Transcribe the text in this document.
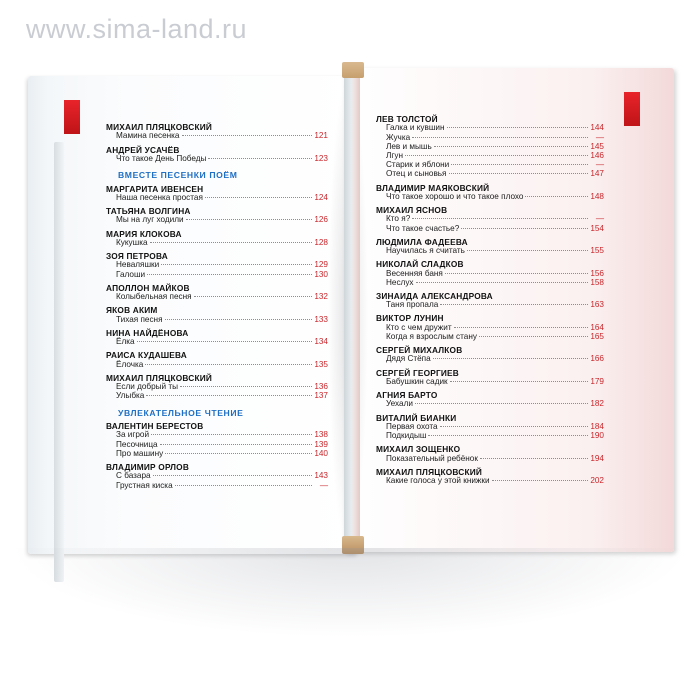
www.sima-land.ru
МИХАИЛ ПЛЯЦКОВСКИЙ
Мамина песенка	121
АНДРЕЙ УСАЧЁВ
Что такое День Победы	123
ВМЕСТЕ ПЕСЕНКИ ПОЁМ
МАРГАРИТА ИВЕНСЕН
Наша песенка простая	124
ТАТЬЯНА ВОЛГИНА
Мы на луг ходили	126
МАРИЯ КЛОКОВА
Кукушка	128
ЗОЯ ПЕТРОВА
Неваляшки	129
Галоши	130
АПОЛЛОН МАЙКОВ
Колыбельная песня	132
ЯКОВ АКИМ
Тихая песня	133
НИНА НАЙДЁНОВА
Ёлка	134
РАИСА КУДАШЕВА
Ёлочка	135
МИХАИЛ ПЛЯЦКОВСКИЙ
Если добрый ты	136
Улыбка	137
УВЛЕКАТЕЛЬНОЕ ЧТЕНИЕ
ВАЛЕНТИН БЕРЕСТОВ
За игрой	138
Песочница	139
Про машину	140
ВЛАДИМИР ОРЛОВ
С базара	143
Грустная киска	—
ЛЕВ ТОЛСТОЙ
Галка и кувшин	144
Жучка	—
Лев и мышь	145
Лгун	146
Старик и яблони	—
Отец и сыновья	147
ВЛАДИМИР МАЯКОВСКИЙ
Что такое хорошо и что такое плохо	148
МИХАИЛ ЯСНОВ
Кто я?	—
Что такое счастье?	154
ЛЮДМИЛА ФАДЕЕВА
Научилась я считать	155
НИКОЛАЙ СЛАДКОВ
Весенняя баня	156
Неслух	158
ЗИНАИДА АЛЕКСАНДРОВА
Таня пропала	163
ВИКТОР ЛУНИН
Кто с чем дружит	164
Когда я взрослым стану	165
СЕРГЕЙ МИХАЛКОВ
Дядя Стёпа	166
СЕРГЕЙ ГЕОРГИЕВ
Бабушкин садик	179
АГНИЯ БАРТО
Уехали	182
ВИТАЛИЙ БИАНКИ
Первая охота	184
Подкидыш	190
МИХАИЛ ЗОЩЕНКО
Показательный ребёнок	194
МИХАИЛ ПЛЯЦКОВСКИЙ
Какие голоса у этой книжки	202
